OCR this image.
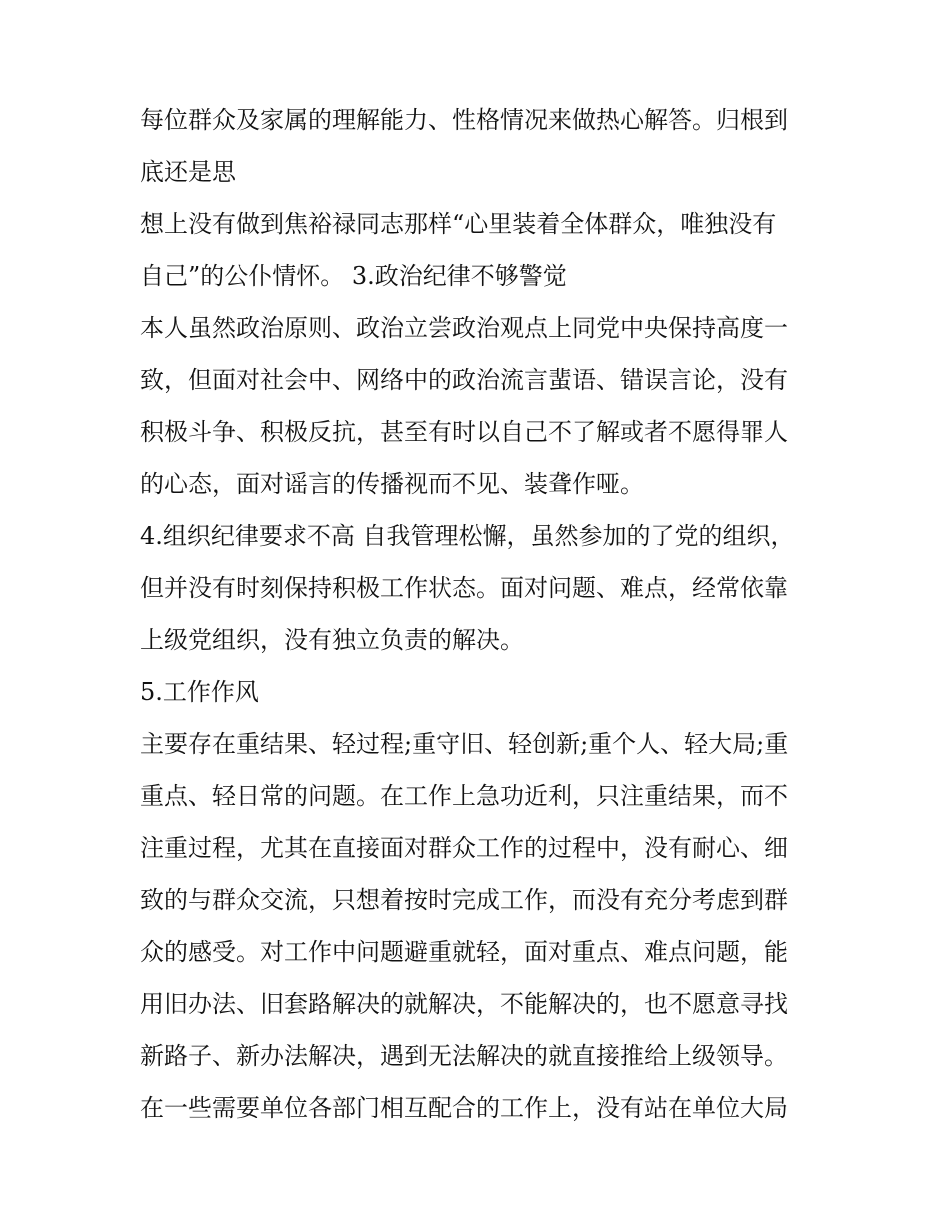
每位群众及家属的理解能力、性格情况来做热心解答。归根到
底还是思
想上没有做到焦裕禄同志那样“心里装着全体群众，唯独没有
自己”的公仆情怀。 3.政治纪律不够警觉
本人虽然政治原则、政治立尝政治观点上同党中央保持高度一
致，但面对社会中、网络中的政治流言蜚语、错误言论，没有
积极斗争、积极反抗，甚至有时以自己不了解或者不愿得罪人
的心态，面对谣言的传播视而不见、装聋作哑。
4.组织纪律要求不高 自我管理松懈，虽然参加的了党的组织，
但并没有时刻保持积极工作状态。面对问题、难点，经常依靠
上级党组织，没有独立负责的解决。
5.工作作风
主要存在重结果、轻过程;重守旧、轻创新;重个人、轻大局;重
重点、轻日常的问题。在工作上急功近利，只注重结果，而不
注重过程，尤其在直接面对群众工作的过程中，没有耐心、细
致的与群众交流，只想着按时完成工作，而没有充分考虑到群
众的感受。对工作中问题避重就轻，面对重点、难点问题，能
用旧办法、旧套路解决的就解决，不能解决的，也不愿意寻找
新路子、新办法解决，遇到无法解决的就直接推给上级领导。
在一些需要单位各部门相互配合的工作上，没有站在单位大局
